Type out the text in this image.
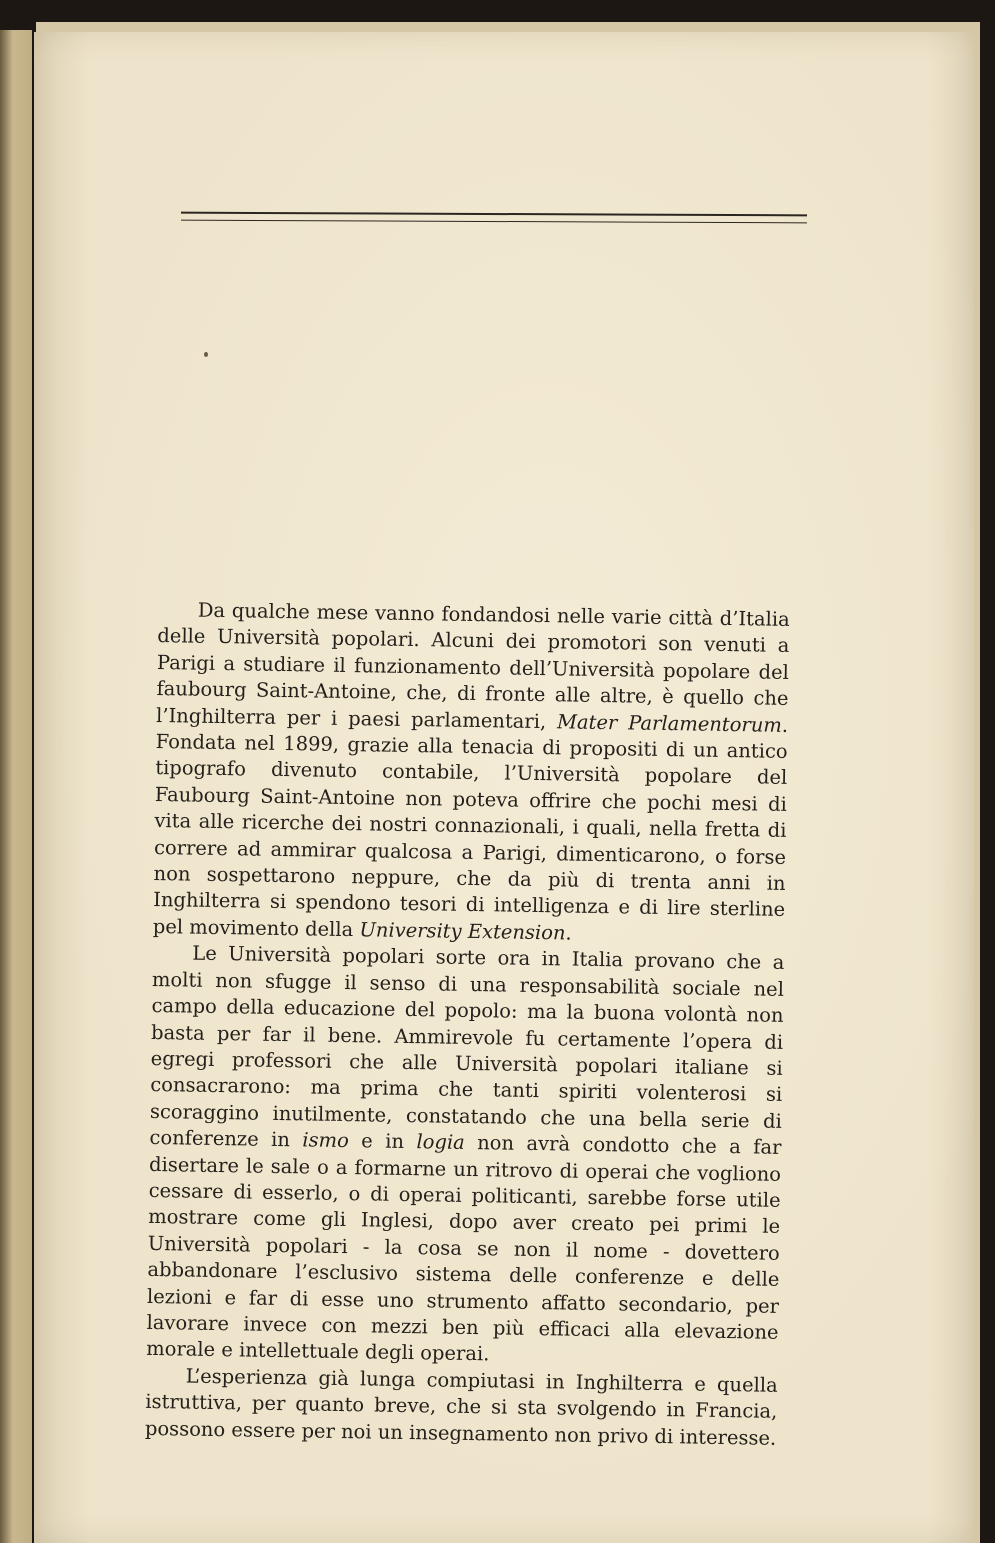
Da qualche mese vanno fondandosi nelle varie città d’Italia delle Università popolari. Alcuni dei promotori son venuti a Parigi a studiare il funzionamento dell’Università popolare del faubourg Saint-Antoine, che, di fronte alle altre, è quello che l’Inghilterra per i paesi parlamentari, Mater Parlamentorum. Fondata nel 1899, grazie alla tenacia di propositi di un antico tipografo divenuto contabile, l’Università popolare del Faubourg Saint-Antoine non poteva offrire che pochi mesi di vita alle ricerche dei nostri connazionali, i quali, nella fretta di correre ad ammirar qualcosa a Parigi, dimenticarono, o forse non sospettarono neppure, che da più di trenta anni in Inghilterra si spendono tesori di intelligenza e di lire sterline pel movimento della University Extension.

Le Università popolari sorte ora in Italia provano che a molti non sfugge il senso di una responsabilità sociale nel campo della educazione del popolo: ma la buona volontà non basta per far il bene. Ammirevole fu certamente l’opera di egregi professori che alle Università popolari italiane si consacrarono: ma prima che tanti spiriti volenterosi si scoraggino inutilmente, constatando che una bella serie di conferenze in ismo e in logia non avrà condotto che a far disertare le sale o a formarne un ritrovo di operai che vogliono cessare di esserlo, o di operai politicanti, sarebbe forse utile mostrare come gli Inglesi, dopo aver creato pei primi le Università popolari - la cosa se non il nome - dovettero abbandonare l’esclusivo sistema delle conferenze e delle lezioni e far di esse uno strumento affatto secondario, per lavorare invece con mezzi ben più efficaci alla elevazione morale e intellettuale degli operai.

L’esperienza già lunga compiutasi in Inghilterra e quella istruttiva, per quanto breve, che si sta svolgendo in Francia, possono essere per noi un insegnamento non privo di interesse.
